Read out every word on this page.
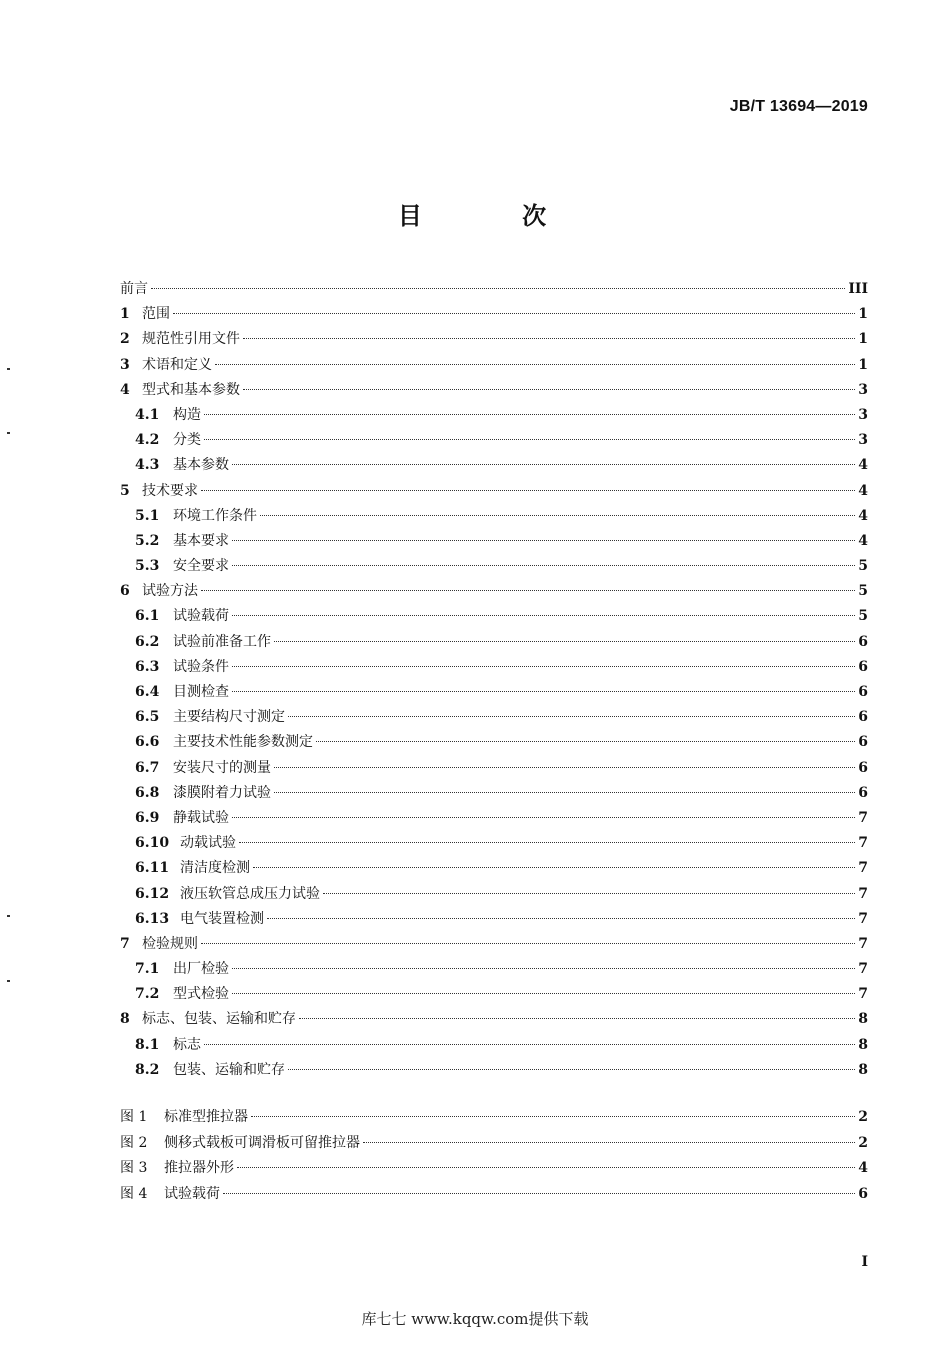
JB/T 13694—2019
目 次
前言	III
1 范围	1
2 规范性引用文件	1
3 术语和定义	1
4 型式和基本参数	3
4.1 构造	3
4.2 分类	3
4.3 基本参数	4
5 技术要求	4
5.1 环境工作条件	4
5.2 基本要求	4
5.3 安全要求	5
6 试验方法	5
6.1 试验载荷	5
6.2 试验前准备工作	6
6.3 试验条件	6
6.4 目测检查	6
6.5 主要结构尺寸测定	6
6.6 主要技术性能参数测定	6
6.7 安装尺寸的测量	6
6.8 漆膜附着力试验	6
6.9 静载试验	7
6.10 动载试验	7
6.11 清洁度检测	7
6.12 液压软管总成压力试验	7
6.13 电气装置检测	7
7 检验规则	7
7.1 出厂检验	7
7.2 型式检验	7
8 标志、包装、运输和贮存	8
8.1 标志	8
8.2 包装、运输和贮存	8
图 1	标准型推拉器	2
图 2	侧移式载板可调滑板可留推拉器	2
图 3	推拉器外形	4
图 4	试验载荷	6
I
库七七 www.kqqw.com提供下载
